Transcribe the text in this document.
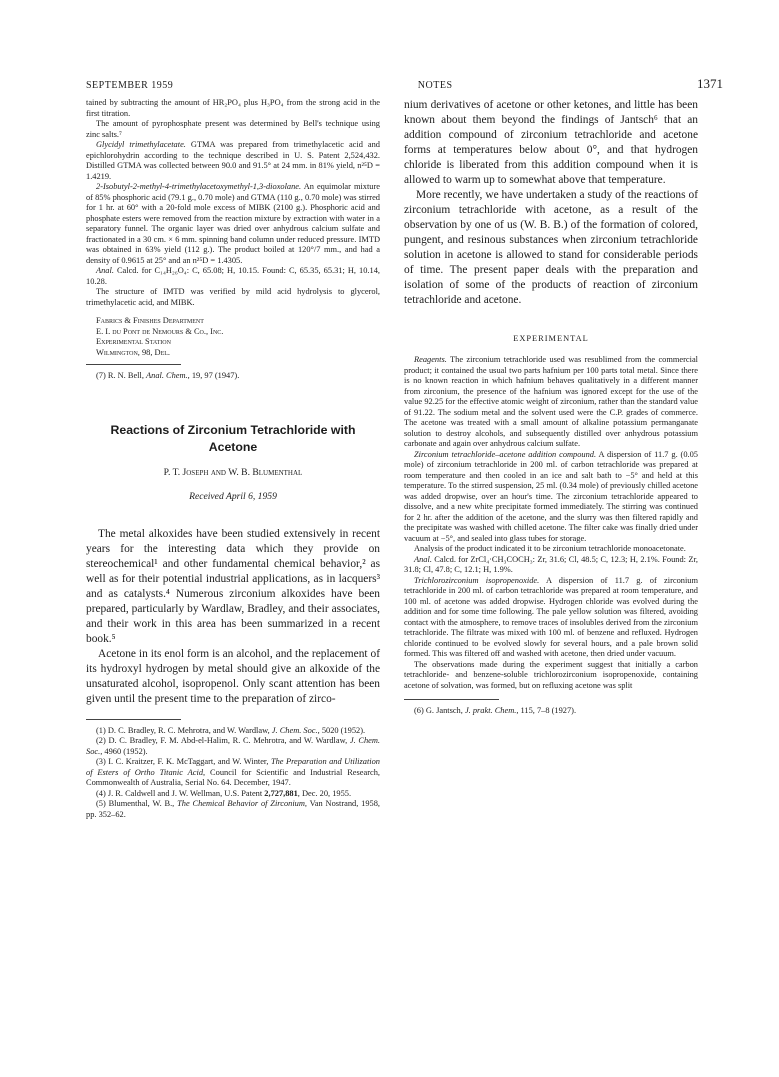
SEPTEMBER 1959	NOTES	1371

tained by subtracting the amount of HR₂PO₄ plus H₃PO₄ from the strong acid in the first titration.

The amount of pyrophosphate present was determined by Bell's technique using zinc salts.⁷

Glycidyl trimethylacetate. GTMA was prepared from trimethylacetic acid and epichlorohydrin according to the technique described in U. S. Patent 2,524,432. Distilled GTMA was collected between 90.0 and 91.5° at 24 mm. in 81% yield, n²⁵D = 1.4219.

2-Isobutyl-2-methyl-4-trimethylacetoxymethyl-1,3-dioxolane. An equimolar mixture of 85% phosphoric acid (79.1 g., 0.70 mole) and GTMA (110 g., 0.70 mole) was stirred for 1 hr. at 60° with a 20-fold mole excess of MIBK (2100 g.). Phosphoric acid and phosphate esters were removed from the reaction mixture by extraction with water in a separatory funnel. The organic layer was dried over anhydrous calcium sulfate and fractionated in a 30 cm. × 6 mm. spinning band column under reduced pressure. IMTD was obtained in 63% yield (112 g.). The product boiled at 120°/7 mm., and had a density of 0.9615 at 25° and an n²⁵D = 1.4305.

Anal. Calcd. for C₁₄H₂₆O₄: C, 65.08; H, 10.15. Found: C, 65.35, 65.31; H, 10.14, 10.28.

The structure of IMTD was verified by mild acid hydrolysis to glycerol, trimethylacetic acid, and MIBK.

Fabrics & Finishes Department
E. I. du Pont de Nemours & Co., Inc.
Experimental Station
Wilmington, 98, Del.

(7) R. N. Bell, Anal. Chem., 19, 97 (1947).

Reactions of Zirconium Tetrachloride with Acetone
P. T. Joseph and W. B. Blumenthal
Received April 6, 1959

The metal alkoxides have been studied extensively in recent years for the interesting data which they provide on stereochemical¹ and other fundamental chemical behavior,² as well as for their potential industrial applications, as in lacquers³ and as catalysts.⁴ Numerous zirconium alkoxides have been prepared, particularly by Wardlaw, Bradley, and their associates, and their work in this area has been summarized in a recent book.⁵

Acetone in its enol form is an alcohol, and the replacement of its hydroxyl hydrogen by metal should give an alkoxide of the unsaturated alcohol, isopropenol. Only scant attention has been given until the present time to the preparation of zirco-

(1) D. C. Bradley, R. C. Mehrotra, and W. Wardlaw, J. Chem. Soc., 5020 (1952).

(2) D. C. Bradley, F. M. Abd-el-Halim, R. C. Mehrotra, and W. Wardlaw, J. Chem. Soc., 4960 (1952).

(3) I. C. Kraitzer, F. K. McTaggart, and W. Winter, The Preparation and Utilization of Esters of Ortho Titanic Acid, Council for Scientific and Industrial Research, Commonwealth of Australia, Serial No. 64. December, 1947.

(4) J. R. Caldwell and J. W. Wellman, U.S. Patent 2,727,881, Dec. 20, 1955.

(5) Blumenthal, W. B., The Chemical Behavior of Zirconium, Van Nostrand, 1958, pp. 352–62.

nium derivatives of acetone or other ketones, and little has been known about them beyond the findings of Jantsch⁶ that an addition compound of zirconium tetrachloride and acetone forms at temperatures below about 0°, and that hydrogen chloride is liberated from this addition compound when it is allowed to warm up to somewhat above that temperature.

More recently, we have undertaken a study of the reactions of zirconium tetrachloride with acetone, as a result of the observation by one of us (W. B. B.) of the formation of colored, pungent, and resinous substances when zirconium tetrachloride solution in acetone is allowed to stand for considerable periods of time. The present paper deals with the preparation and isolation of some of the products of reaction of zirconium tetrachloride and acetone.

EXPERIMENTAL

Reagents. The zirconium tetrachloride used was resublimed from the commercial product; it contained the usual two parts hafnium per 100 parts total metal. Since there is no known reaction in which hafnium behaves qualitatively in a different manner from zirconium, the presence of the hafnium was ignored except for the use of the value 92.25 for the effective atomic weight of zirconium, rather than the standard value of 91.22. The sodium metal and the solvent used were the C.P. grades of commerce. The acetone was treated with a small amount of alkaline potassium permanganate solution to destroy alcohols, and subsequently distilled over anhydrous potassium carbonate and again over anhydrous calcium sulfate.

Zirconium tetrachloride–acetone addition compound. A dispersion of 11.7 g. (0.05 mole) of zirconium tetrachloride in 200 ml. of carbon tetrachloride was prepared at room temperature and then cooled in an ice and salt bath to −5° and held at this temperature. To the stirred suspension, 25 ml. (0.34 mole) of previously chilled acetone was added dropwise, over an hour's time. The zirconium tetrachloride appeared to dissolve, and a new white precipitate formed immediately. The stirring was continued for 2 hr. after the addition of the acetone, and the slurry was then filtered rapidly and the precipitate was washed with chilled acetone. The filter cake was finally dried under vacuum at −5°, and sealed into glass tubes for storage.

Analysis of the product indicated it to be zirconium tetrachloride monoacetonate.

Anal. Calcd. for ZrCl₄·CH₃COCH₃: Zr, 31.6; Cl, 48.5; C, 12.3; H, 2.1%. Found: Zr, 31.8; Cl, 47.8; C, 12.1; H, 1.9%.

Trichlorozirconium isopropenoxide. A dispersion of 11.7 g. of zirconium tetrachloride in 200 ml. of carbon tetrachloride was prepared at room temperature, and 100 ml. of acetone was added dropwise. Hydrogen chloride was evolved during the addition and for some time following. The pale yellow solution was filtered, avoiding contact with the atmosphere, to remove traces of insolubles derived from the zirconium tetrachloride. The filtrate was mixed with 100 ml. of benzene and refluxed. Hydrogen chloride continued to be evolved slowly for several hours, and a pale brown solid formed. This was filtered off and washed with acetone, then dried under vacuum.

The observations made during the experiment suggest that initially a carbon tetrachloride- and benzene-soluble trichlorozirconium isopropenoxide, containing acetone of solvation, was formed, but on refluxing acetone was split

(6) G. Jantsch, J. prakt. Chem., 115, 7–8 (1927).
